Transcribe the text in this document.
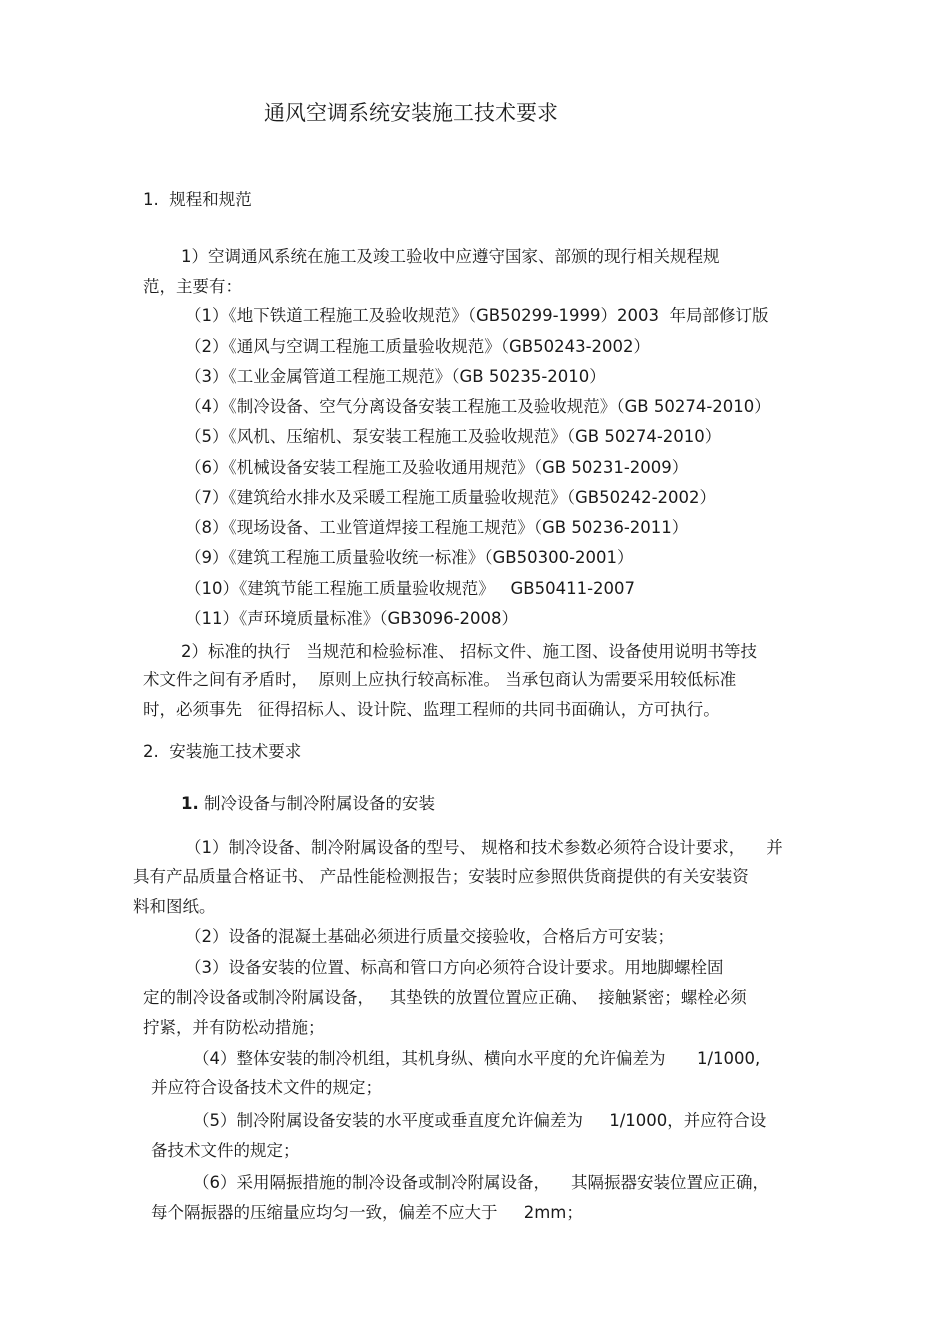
通风空调系统安装施工技术要求
1.  规程和规范
1）空调通风系统在施工及竣工验收中应遵守国家、部颁的现行相关规程规
范，主要有：
（1）《地下铁道工程施工及验收规范》（GB50299-1999）2003  年局部修订版
（2）《通风与空调工程施工质量验收规范》（GB50243-2002）
（3）《工业金属管道工程施工规范》（GB 50235-2010）
（4）《制冷设备、空气分离设备安装工程施工及验收规范》（GB 50274-2010）
（5）《风机、压缩机、泵安装工程施工及验收规范》（GB 50274-2010）
（6）《机械设备安装工程施工及验收通用规范》（GB 50231-2009）
（7）《建筑给水排水及采暖工程施工质量验收规范》（GB50242-2002）
（8）《现场设备、工业管道焊接工程施工规范》（GB 50236-2011）
（9）《建筑工程施工质量验收统一标准》（GB50300-2001）
（10）《建筑节能工程施工质量验收规范》   GB50411-2007
（11）《声环境质量标准》（GB3096-2008）
2）标准的执行   当规范和检验标准、 招标文件、施工图、设备使用说明书等技
术文件之间有矛盾时，  原则上应执行较高标准。 当承包商认为需要采用较低标准
时，必须事先   征得招标人、设计院、监理工程师的共同书面确认，方可执行。
2.  安装施工技术要求
1. 制冷设备与制冷附属设备的安装
（1）制冷设备、制冷附属设备的型号、 规格和技术参数必须符合设计要求，    并
具有产品质量合格证书、 产品性能检测报告；安装时应参照供货商提供的有关安装资
料和图纸。
（2）设备的混凝土基础必须进行质量交接验收，合格后方可安装；
（3）设备安装的位置、标高和管口方向必须符合设计要求。用地脚螺栓固
定的制冷设备或制冷附属设备，   其垫铁的放置位置应正确、  接触紧密；螺栓必须
拧紧，并有防松动措施；
（4）整体安装的制冷机组，其机身纵、横向水平度的允许偏差为      1/1000,
并应符合设备技术文件的规定；
（5）制冷附属设备安装的水平度或垂直度允许偏差为     1/1000，并应符合设
备技术文件的规定；
（6）采用隔振措施的制冷设备或制冷附属设备，    其隔振器安装位置应正确，
每个隔振器的压缩量应均匀一致，偏差不应大于     2mm；
